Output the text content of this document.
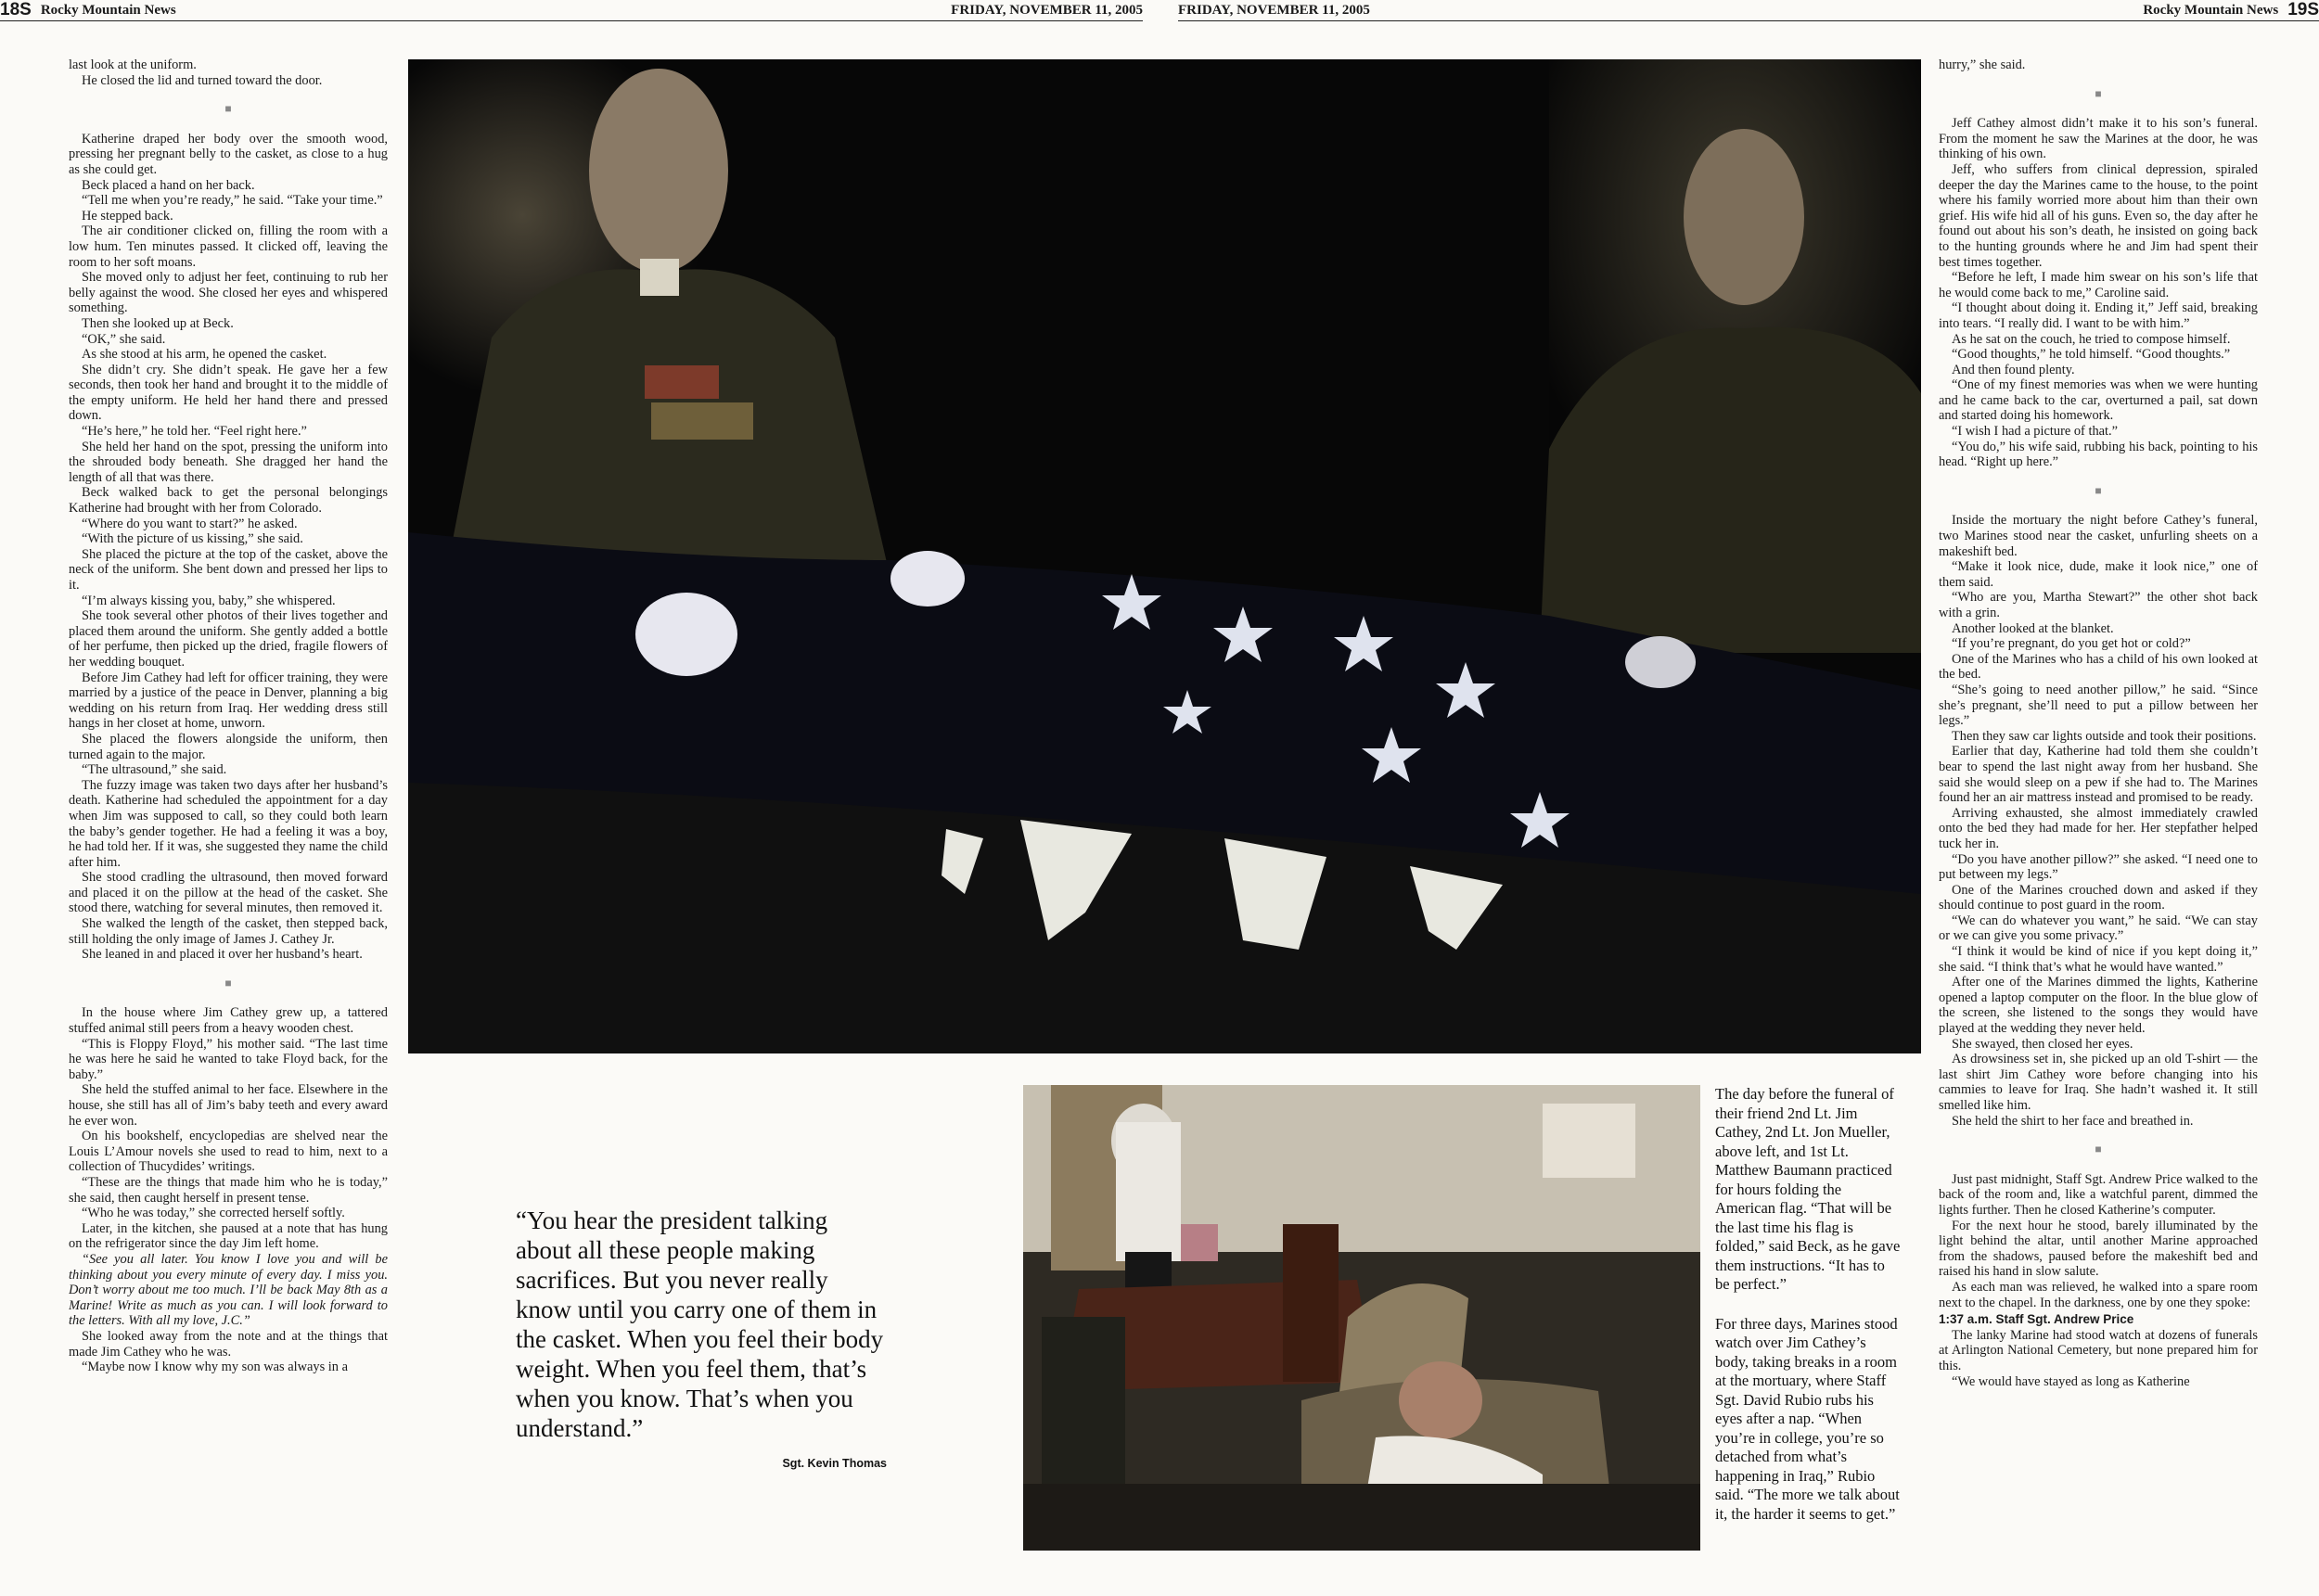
18S Rocky Mountain News	FRIDAY, NOVEMBER 11, 2005	FRIDAY, NOVEMBER 11, 2005	Rocky Mountain News 19S

last look at the uniform.

He closed the lid and turned toward the door.

■

Katherine draped her body over the smooth wood, pressing her pregnant belly to the casket, as close to a hug as she could get.

Beck placed a hand on her back.

“Tell me when you’re ready,” he said. “Take your time.”

He stepped back.

The air conditioner clicked on, filling the room with a low hum. Ten minutes passed. It clicked off, leaving the room to her soft moans.

She moved only to adjust her feet, continuing to rub her belly against the wood. She closed her eyes and whispered something.

Then she looked up at Beck.

“OK,” she said.

As she stood at his arm, he opened the casket.

She didn’t cry. She didn’t speak. He gave her a few seconds, then took her hand and brought it to the middle of the empty uniform. He held her hand there and pressed down.

“He’s here,” he told her. “Feel right here.”

She held her hand on the spot, pressing the uniform into the shrouded body beneath. She dragged her hand the length of all that was there.

Beck walked back to get the personal belongings Katherine had brought with her from Colorado.

“Where do you want to start?” he asked.

“With the picture of us kissing,” she said.

She placed the picture at the top of the casket, above the neck of the uniform. She bent down and pressed her lips to it.

“I’m always kissing you, baby,” she whispered.

She took several other photos of their lives together and placed them around the uniform. She gently added a bottle of her perfume, then picked up the dried, fragile flowers of her wedding bouquet.

Before Jim Cathey had left for officer training, they were married by a justice of the peace in Denver, planning a big wedding on his return from Iraq. Her wedding dress still hangs in her closet at home, unworn.

She placed the flowers alongside the uniform, then turned again to the major.

“The ultrasound,” she said.

The fuzzy image was taken two days after her husband’s death. Katherine had scheduled the appointment for a day when Jim was supposed to call, so they could both learn the baby’s gender together. He had a feeling it was a boy, he had told her. If it was, she suggested they name the child after him.

She stood cradling the ultrasound, then moved forward and placed it on the pillow at the head of the casket. She stood there, watching for several minutes, then removed it.

She walked the length of the casket, then stepped back, still holding the only image of James J. Cathey Jr.

She leaned in and placed it over her husband’s heart.

■

In the house where Jim Cathey grew up, a tattered stuffed animal still peers from a heavy wooden chest.

“This is Floppy Floyd,” his mother said. “The last time he was here he said he wanted to take Floyd back, for the baby.”

She held the stuffed animal to her face. Elsewhere in the house, she still has all of Jim’s baby teeth and every award he ever won.

On his bookshelf, encyclopedias are shelved near the Louis L’Amour novels she used to read to him, next to a collection of Thucydides’ writings.

“These are the things that made him who he is today,” she said, then caught herself in present tense.

“Who he was today,” she corrected herself softly.

Later, in the kitchen, she paused at a note that has hung on the refrigerator since the day Jim left home.

“See you all later. You know I love you and will be thinking about you every minute of every day. I miss you. Don’t worry about me too much. I’ll be back May 8th as a Marine! Write as much as you can. I will look forward to the letters. With all my love, J.C.”

She looked away from the note and at the things that made Jim Cathey who he was.

“Maybe now I know why my son was always in a

hurry,” she said.

■

Jeff Cathey almost didn’t make it to his son’s funeral. From the moment he saw the Marines at the door, he was thinking of his own.

Jeff, who suffers from clinical depression, spiraled deeper the day the Marines came to the house, to the point where his family worried more about him than their own grief. His wife hid all of his guns. Even so, the day after he found out about his son’s death, he insisted on going back to the hunting grounds where he and Jim had spent their best times together.

“Before he left, I made him swear on his son’s life that he would come back to me,” Caroline said.

“I thought about doing it. Ending it,” Jeff said, breaking into tears. “I really did. I want to be with him.”

As he sat on the couch, he tried to compose himself.

“Good thoughts,” he told himself. “Good thoughts.”

And then found plenty.

“One of my finest memories was when we were hunting and he came back to the car, overturned a pail, sat down and started doing his homework.

“I wish I had a picture of that.”

“You do,” his wife said, rubbing his back, pointing to his head. “Right up here.”

■

Inside the mortuary the night before Cathey’s funeral, two Marines stood near the casket, unfurling sheets on a makeshift bed.

“Make it look nice, dude, make it look nice,” one of them said.

“Who are you, Martha Stewart?” the other shot back with a grin.

Another looked at the blanket.

“If you’re pregnant, do you get hot or cold?”

One of the Marines who has a child of his own looked at the bed.

“She’s going to need another pillow,” he said. “Since she’s pregnant, she’ll need to put a pillow between her legs.”

Then they saw car lights outside and took their positions.

Earlier that day, Katherine had told them she couldn’t bear to spend the last night away from her husband. She said she would sleep on a pew if she had to. The Marines found her an air mattress instead and promised to be ready.

Arriving exhausted, she almost immediately crawled onto the bed they had made for her. Her stepfather helped tuck her in.

“Do you have another pillow?” she asked. “I need one to put between my legs.”

One of the Marines crouched down and asked if they should continue to post guard in the room.

“We can do whatever you want,” he said. “We can stay or we can give you some privacy.”

“I think it would be kind of nice if you kept doing it,” she said. “I think that’s what he would have wanted.”

After one of the Marines dimmed the lights, Katherine opened a laptop computer on the floor. In the blue glow of the screen, she listened to the songs they would have played at the wedding they never held.

She swayed, then closed her eyes.

As drowsiness set in, she picked up an old T-shirt — the last shirt Jim Cathey wore before changing into his cammies to leave for Iraq. She hadn’t washed it. It still smelled like him.

She held the shirt to her face and breathed in.

■

Just past midnight, Staff Sgt. Andrew Price walked to the back of the room and, like a watchful parent, dimmed the lights further. Then he closed Katherine’s computer.

For the next hour he stood, barely illuminated by the light behind the altar, until another Marine approached from the shadows, paused before the makeshift bed and raised his hand in slow salute.

As each man was relieved, he walked into a spare room next to the chapel. In the darkness, one by one they spoke:

1:37 a.m. Staff Sgt. Andrew Price

The lanky Marine had stood watch at dozens of funerals at Arlington National Cemetery, but none prepared him for this.

“We would have stayed as long as Katherine

“You hear the president talking about all these people making sacrifices. But you never really know until you carry one of them in the casket. When you feel their body weight. When you feel them, that’s when you know. That’s when you understand.”
Sgt. Kevin Thomas

The day before the funeral of their friend 2nd Lt. Jim Cathey, 2nd Lt. Jon Mueller, above left, and 1st Lt. Matthew Baumann practiced for hours folding the American flag. “That will be the last time his flag is folded,” said Beck, as he gave them instructions. “It has to be perfect.”

For three days, Marines stood watch over Jim Cathey’s body, taking breaks in a room at the mortuary, where Staff Sgt. David Rubio rubs his eyes after a nap. “When you’re in college, you’re so detached from what’s happening in Iraq,” Rubio said. “The more we talk about it, the harder it seems to get.”
